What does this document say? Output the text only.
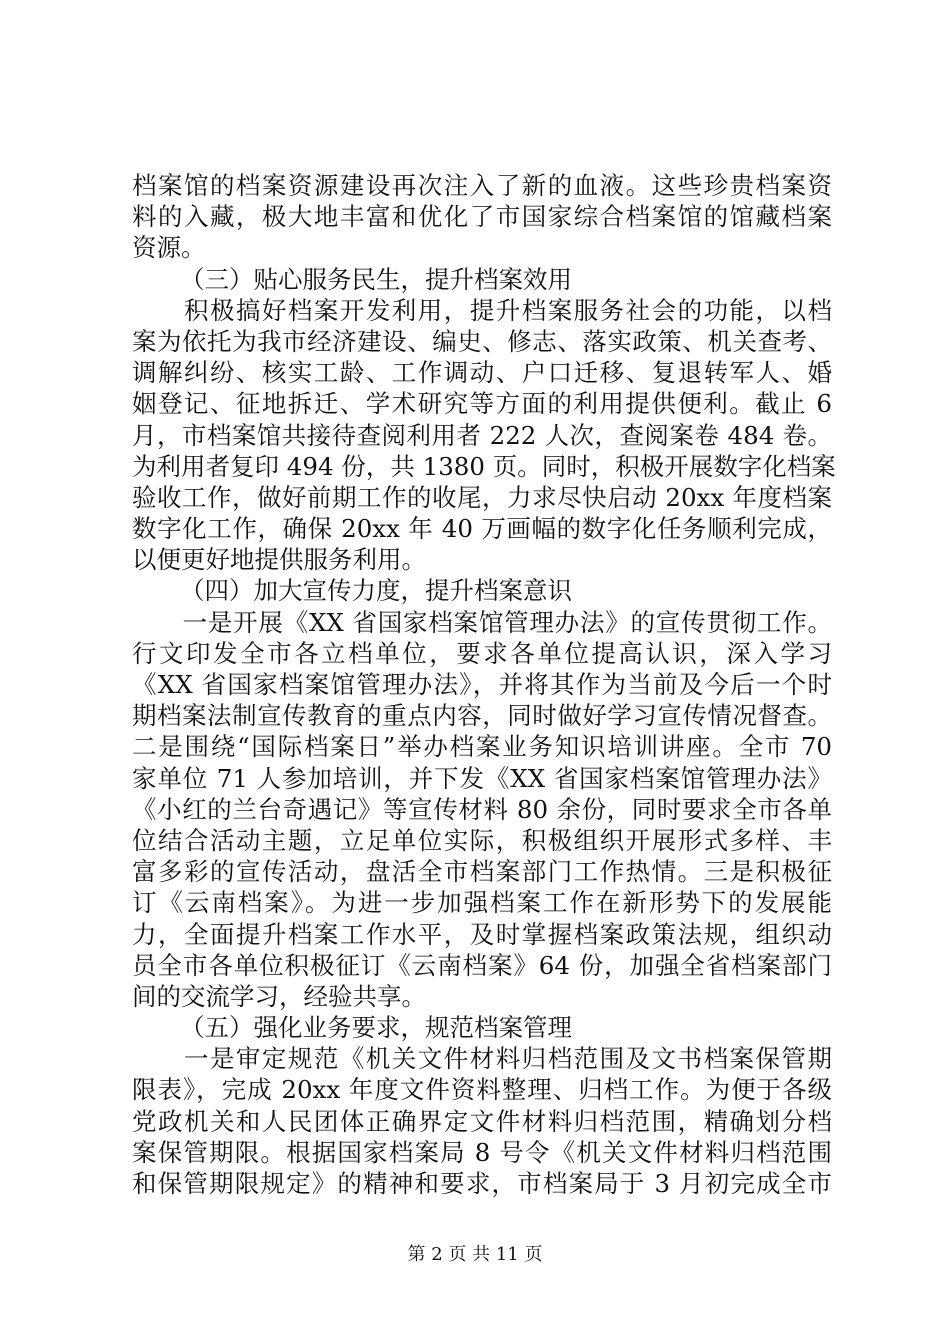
档案馆的档案资源建设再次注入了新的血液。这些珍贵档案资
料的入藏，极大地丰富和优化了市国家综合档案馆的馆藏档案
资源。
（三）贴心服务民生，提升档案效用
　　积极搞好档案开发利用，提升档案服务社会的功能，以档
案为依托为我市经济建设、编史、修志、落实政策、机关查考、
调解纠纷、核实工龄、工作调动、户口迁移、复退转军人、婚
姻登记、征地拆迁、学术研究等方面的利用提供便利。截止 6
月，市档案馆共接待查阅利用者 222 人次，查阅案卷 484 卷。
为利用者复印 494 份，共 1380 页。同时，积极开展数字化档案
验收工作，做好前期工作的收尾，力求尽快启动 20xx 年度档案
数字化工作，确保 20xx 年 40 万画幅的数字化任务顺利完成，
以便更好地提供服务利用。
（四）加大宣传力度，提升档案意识
　　一是开展《XX 省国家档案馆管理办法》的宣传贯彻工作。
行文印发全市各立档单位，要求各单位提高认识，深入学习
《XX 省国家档案馆管理办法》，并将其作为当前及今后一个时
期档案法制宣传教育的重点内容，同时做好学习宣传情况督查。
二是围绕“国际档案日”举办档案业务知识培训讲座。全市 70
家单位 71 人参加培训，并下发《XX 省国家档案馆管理办法》
《小红的兰台奇遇记》等宣传材料 80 余份，同时要求全市各单
位结合活动主题，立足单位实际，积极组织开展形式多样、丰
富多彩的宣传活动，盘活全市档案部门工作热情。三是积极征
订《云南档案》。为进一步加强档案工作在新形势下的发展能
力，全面提升档案工作水平，及时掌握档案政策法规，组织动
员全市各单位积极征订《云南档案》64 份，加强全省档案部门
间的交流学习，经验共享。
（五）强化业务要求，规范档案管理
　　一是审定规范《机关文件材料归档范围及文书档案保管期
限表》，完成 20xx 年度文件资料整理、归档工作。为便于各级
党政机关和人民团体正确界定文件材料归档范围，精确划分档
案保管期限。根据国家档案局 8 号令《机关文件材料归档范围
和保管期限规定》的精神和要求，市档案局于 3 月初完成全市
第 2 页 共 11 页
